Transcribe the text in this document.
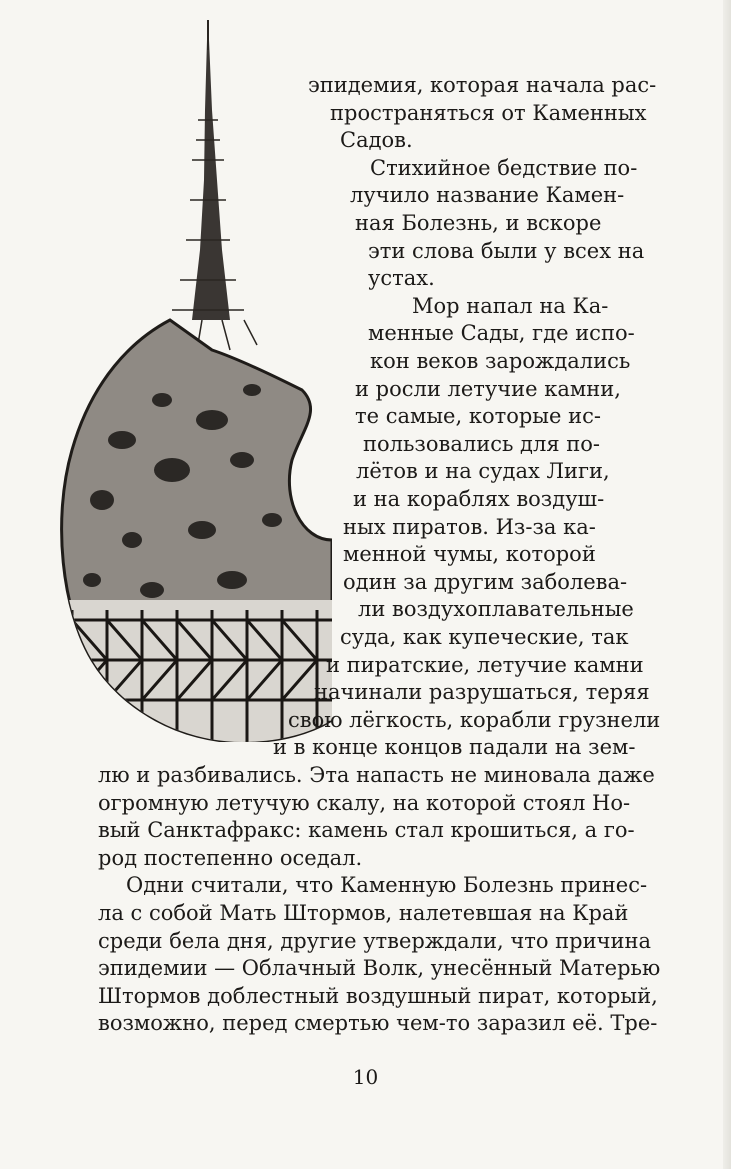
эпидемия, которая начала рас-
пространяться от Каменных
Садов.
Стихийное бедствие по-
лучило название Камен-
ная Болезнь, и вскоре
эти слова были у всех на
устах.
Мор напал на Ка-
менные Сады, где испо-
кон веков зарождались
и росли летучие камни,
те самые, которые ис-
пользовались для по-
лётов и на судах Лиги,
и на кораблях воздуш-
ных пиратов. Из-за ка-
менной чумы, которой
один за другим заболева-
ли воздухоплавательные
суда, как купеческие, так
и пиратские, летучие камни
начинали разрушаться, теряя
свою лёгкость, корабли грузнели
и в конце концов падали на зем-
лю и разбивались. Эта напасть не миновала даже
огромную летучую скалу, на которой стоял Но-
вый Санктафракс: камень стал крошиться, а го-
род постепенно оседал.
Одни считали, что Каменную Болезнь принес-
ла с собой Мать Штормов, налетевшая на Край
среди бела дня, другие утверждали, что причина
эпидемии — Облачный Волк, унесённый Матерью
Штормов доблестный воздушный пират, который,
возможно, перед смертью чем-то заразил её. Тре-
10
